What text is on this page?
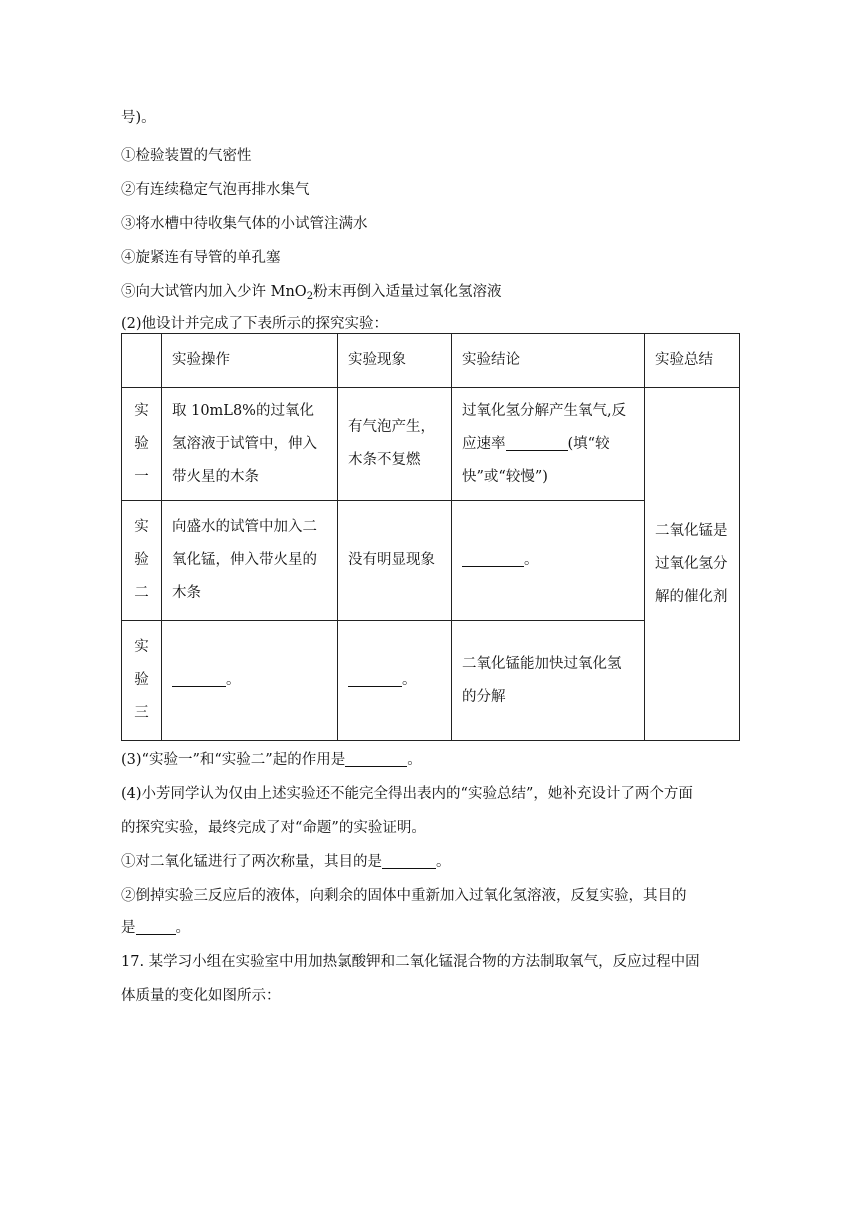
号)。
①检验装置的气密性
②有连续稳定气泡再排水集气
③将水槽中待收集气体的小试管注满水
④旋紧连有导管的单孔塞
⑤向大试管内加入少许 MnO$_2$粉末再倒入适量过氧化氢溶液
(2)他设计并完成了下表所示的探究实验：
	实验操作	实验现象	实验结论	实验总结

实
验
一	取 10mL8%的过氧化氢溶液于试管中，伸入带火星的木条	有气泡产生，木条不复燃	过氧化氢分解产生氧气,反应速率 (填“较快”或“较慢”)	二氧化锰是过氧化氢分解的催化剂

实
验
二	向盛水的试管中加入二氧化锰，伸入带火星的木条	没有明显现象	。	

实
验
三	。	。	二氧化锰能加快过氧化氢的分解	
(3)“实验一”和“实验二”起的作用是	。
(4)小芳同学认为仅由上述实验还不能完全得出表内的“实验总结”，她补充设计了两个方面
的探究实验，最终完成了对“命题”的实验证明。
①对二氧化锰进行了两次称量，其目的是	。
②倒掉实验三反应后的液体，向剩余的固体中重新加入过氧化氢溶液，反复实验，其目的
是	。
17. 某学习小组在实验室中用加热氯酸钾和二氧化锰混合物的方法制取氧气，反应过程中固
体质量的变化如图所示：
